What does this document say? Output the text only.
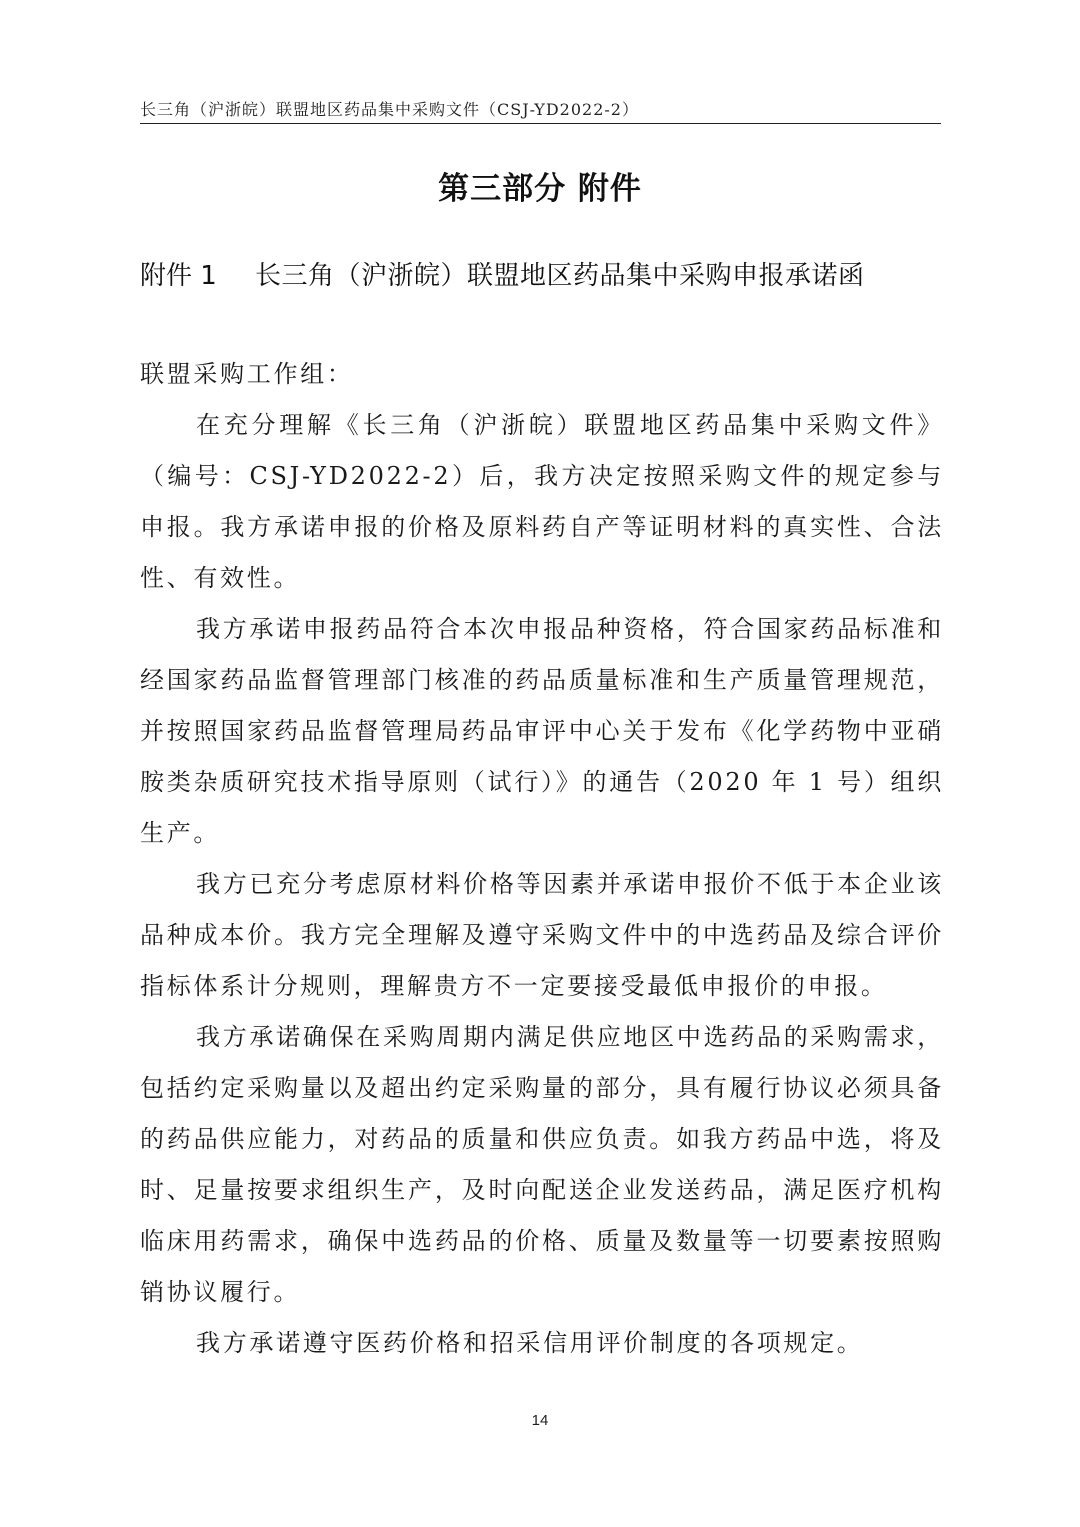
长三角（沪浙皖）联盟地区药品集中采购文件（CSJ-YD2022-2）
第三部分 附件
附件 1 长三角（沪浙皖）联盟地区药品集中采购申报承诺函
联盟采购工作组：
在充分理解《长三角（沪浙皖）联盟地区药品集中采购文件》（编号：CSJ-YD2022-2）后，我方决定按照采购文件的规定参与申报。我方承诺申报的价格及原料药自产等证明材料的真实性、合法性、有效性。
我方承诺申报药品符合本次申报品种资格，符合国家药品标准和经国家药品监督管理部门核准的药品质量标准和生产质量管理规范，并按照国家药品监督管理局药品审评中心关于发布《化学药物中亚硝胺类杂质研究技术指导原则（试行）》的通告（2020 年 1 号）组织生产。
我方已充分考虑原材料价格等因素并承诺申报价不低于本企业该品种成本价。我方完全理解及遵守采购文件中的中选药品及综合评价指标体系计分规则，理解贵方不一定要接受最低申报价的申报。
我方承诺确保在采购周期内满足供应地区中选药品的采购需求，包括约定采购量以及超出约定采购量的部分，具有履行协议必须具备的药品供应能力，对药品的质量和供应负责。如我方药品中选，将及时、足量按要求组织生产，及时向配送企业发送药品，满足医疗机构临床用药需求，确保中选药品的价格、质量及数量等一切要素按照购销协议履行。
我方承诺遵守医药价格和招采信用评价制度的各项规定。
14
